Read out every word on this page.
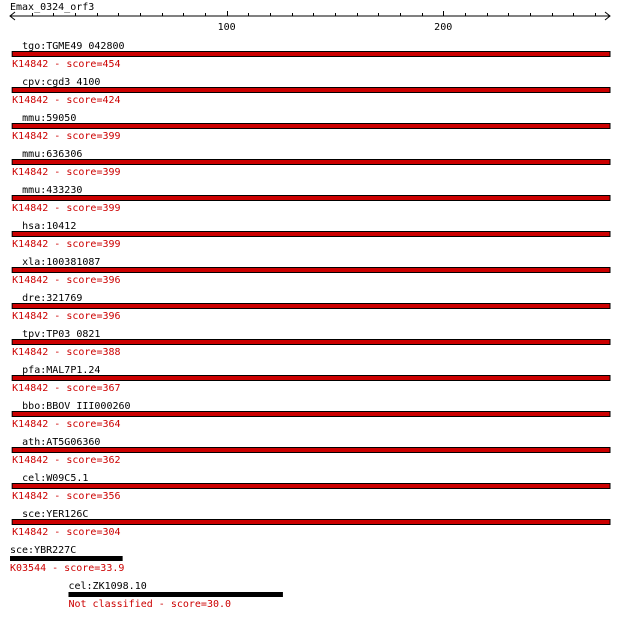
Emax_0324_orf3
100	200
tgo:TGME49_042800
K14842 - score=454
cpv:cgd3_4100
K14842 - score=424
mmu:59050
K14842 - score=399
mmu:636306
K14842 - score=399
mmu:433230
K14842 - score=399
hsa:10412
K14842 - score=399
xla:100381087
K14842 - score=396
dre:321769
K14842 - score=396
tpv:TP03_0821
K14842 - score=388
pfa:MAL7P1.24
K14842 - score=367
bbo:BBOV_III000260
K14842 - score=364
ath:AT5G06360
K14842 - score=362
cel:W09C5.1
K14842 - score=356
sce:YER126C
K14842 - score=304
sce:YBR227C
K03544 - score=33.9
cel:ZK1098.10
Not classified - score=30.0
